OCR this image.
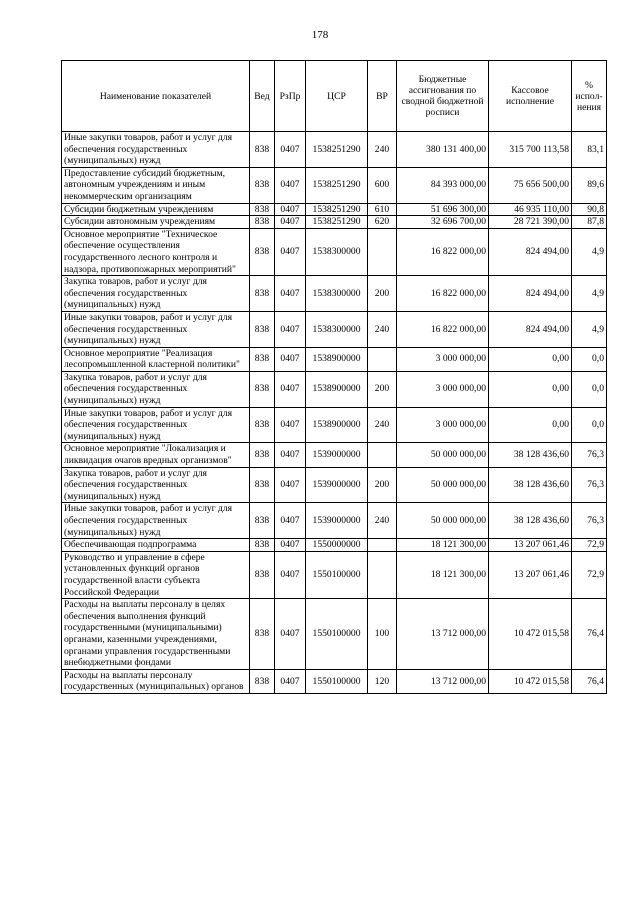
178
Наименование показателей	Вед	РзПр	ЦСР	ВР	Бюджетные ассигнования по сводной бюджетной росписи	Кассовое исполнение	% испол-нения
Иные закупки товаров, работ и услуг для обеспечения государственных (муниципальных) нужд	838	0407	1538251290	240	380 131 400,00	315 700 113,58	83,1
Предоставление субсидий бюджетным, автономным учреждениям и иным некоммерческим организациям	838	0407	1538251290	600	84 393 000,00	75 656 500,00	89,6
Субсидии бюджетным учреждениям	838	0407	1538251290	610	51 696 300,00	46 935 110,00	90,8
Субсидии автономным учреждениям	838	0407	1538251290	620	32 696 700,00	28 721 390,00	87,8
Основное мероприятие "Техническое обеспечение осуществления государственного лесного контроля и надзора, противопожарных мероприятий"	838	0407	1538300000		16 822 000,00	824 494,00	4,9
Закупка товаров, работ и услуг для обеспечения государственных (муниципальных) нужд	838	0407	1538300000	200	16 822 000,00	824 494,00	4,9
Иные закупки товаров, работ и услуг для обеспечения государственных (муниципальных) нужд	838	0407	1538300000	240	16 822 000,00	824 494,00	4,9
Основное мероприятие "Реализация лесопромышленной кластерной политики"	838	0407	1538900000		3 000 000,00	0,00	0,0
Закупка товаров, работ и услуг для обеспечения государственных (муниципальных) нужд	838	0407	1538900000	200	3 000 000,00	0,00	0,0
Иные закупки товаров, работ и услуг для обеспечения государственных (муниципальных) нужд	838	0407	1538900000	240	3 000 000,00	0,00	0,0
Основное мероприятие "Локализация и ликвидация очагов вредных организмов"	838	0407	1539000000		50 000 000,00	38 128 436,60	76,3
Закупка товаров, работ и услуг для обеспечения государственных (муниципальных) нужд	838	0407	1539000000	200	50 000 000,00	38 128 436,60	76,3
Иные закупки товаров, работ и услуг для обеспечения государственных (муниципальных) нужд	838	0407	1539000000	240	50 000 000,00	38 128 436,60	76,3
Обеспечивающая подпрограмма	838	0407	1550000000		18 121 300,00	13 207 061,46	72,9
Руководство и управление в сфере установленных функций органов государственной власти субъекта Российской Федерации	838	0407	1550100000		18 121 300,00	13 207 061,46	72,9
Расходы на выплаты персоналу в целях обеспечения выполнения функций государственными (муниципальными) органами, казенными учреждениями, органами управления государственными внебюджетными фондами	838	0407	1550100000	100	13 712 000,00	10 472 015,58	76,4
Расходы на выплаты персоналу государственных (муниципальных) органов	838	0407	1550100000	120	13 712 000,00	10 472 015,58	76,4
